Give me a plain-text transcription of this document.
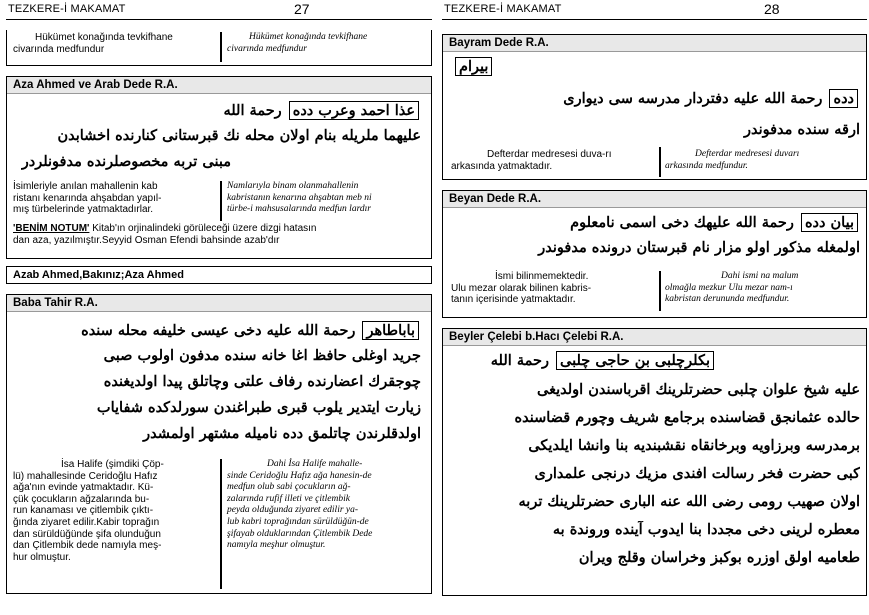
TEZKERE-İ MAKAMAT	27
Hükümet konağında tevkifhane
civarında medfundur
Hükümet konağında tevkifhane
civarında medfundur
Aza Ahmed ve Arab Dede R.A.
عذا احمد وعرب دده رحمة الله
عليهما ملريله بنام اولان محله نك قبرستانى كنارنده اخشابدن
مبنى تربه مخصوصلرنده مدفونلردر
İsimleriyle anılan mahallenin kab
ristanı kenarında ahşabdan yapıl-
mış türbelerinde yatmaktadırlar.
Namlarıyla binam olanmahallenin
kabristanın kenarına ahşabtan meb ni
türbe-i mahsusalarında medfun lardır
'BENİM NOTUM' Kitab'ın orjinalindeki görüleceği üzere dizgi hatasın
dan aza, yazılmıştır.Seyyid Osman Efendi bahsinde azab'dır
Azab Ahmed,Bakınız;Aza Ahmed
Baba Tahir R.A.
باباطاهر رحمة الله عليه دخى عيسى خليفه محله سنده
جريد اوغلى حافظ اغا خانه سنده مدفون اولوب صبى
چوجقرك اعضارنده رفاف علتى وچاتلق پيدا اولديغنده
زيارت ايتدير يلوب قبرى طبراغندن سورلدكده شفاياب
اولدقلرندن چاتلمق دده ناميله مشتهر اولمشدر
İsa Halife (şimdiki Çöp-
lü) mahallesinde Ceridoğlu Hafız
ağa'nın evinde yatmaktadır. Kü-
çük çocukların ağzalarında bu-
run kanaması ve çitlembik çıktı-
ğında ziyaret edilir.Kabir toprağın
dan sürüldüğünde şifa olunduğun
dan Çitlembik dede namıyla meş-
hur olmuştur.
Dahi İsa Halife mahalle-
sinde Ceridoğlu Hafız ağa hanesin-de
medfun olub sabi çocukların ağ-
zalarında rufif illeti ve çitlembik
peyda olduğunda ziyaret edilir ya-
lub kabri toprağından sürüldüğün-de
şifayab olduklarından Çitlembik Dede
namıyla meşhur olmuştur.
TEZKERE-İ MAKAMAT	28
Bayram Dede R.A.
بيرام
دده رحمة الله عليه دفتردار مدرسه سى ديوارى
ارقه سنده مدفوندر
Defterdar medresesi duva-rı
arkasında yatmaktadır.
Defterdar medresesi duvarı
arkasında medfundur.
Beyan Dede R.A.
بيان دده رحمة الله عليهك دخى اسمى نامعلوم
اولمغله مذكور اولو مزار نام قبرستان درونده مدفوندر
İsmi bilinmemektedir.
Ulu mezar olarak bilinen kabris-
tanın içerisinde yatmaktadır.
Dahi ismi na malum
olmağla mezkur Ulu mezar nam-ı
kabristan derununda medfundur.
Beyler Çelebi b.Hacı Çelebi R.A.
بكلرچلبى بن حاجى چلبى رحمة الله
عليه شيخ علوان چلبى حضرتلرينك اقرباسندن اولديغى
حالده عثمانجق قضاسنده برجامع شريف وچورم قضاسنده
برمدرسه وبرزاويه وبرخانقاه نقشبنديه بنا وانشا ايلديكى
كبى حضرت فخر رسالت افندى مزيك درنجى علمدارى
اولان صهيب رومى رضى الله عنه البارى حضرتلرينك تربه
معطره لرينى دخى مجددا بنا ايدوب آينده وروندة به
طعاميه اولق اوزره بوكبز وخراسان وقلج ويران
